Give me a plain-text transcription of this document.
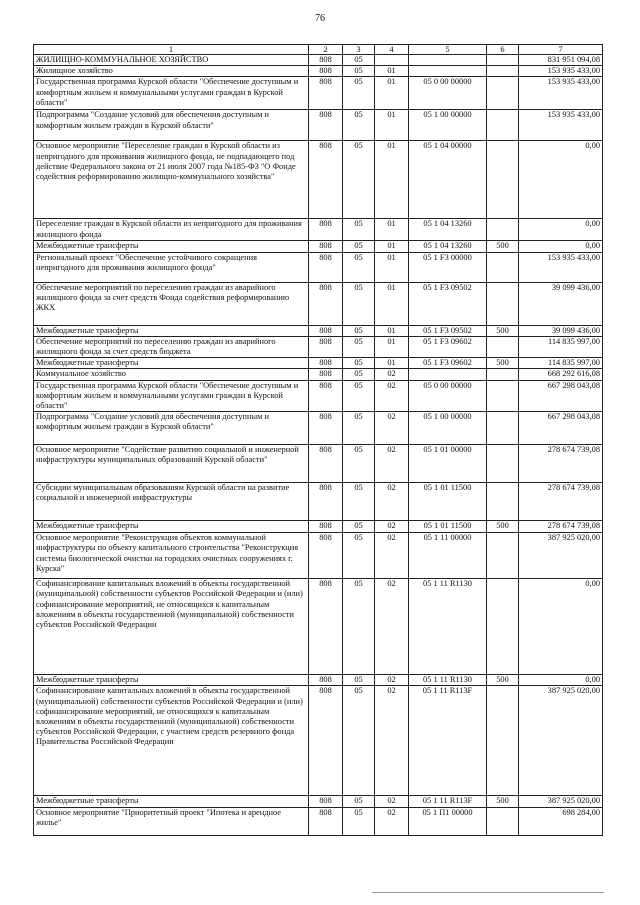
76
1	2	3	4	5	6	7
ЖИЛИЩНО-КОММУНАЛЬНОЕ ХОЗЯЙСТВО	808	05				831 951 094,08
Жилищное хозяйство	808	05	01			153 935 433,00
Государственная программа Курской области "Обеспечение доступным и комфортным жильем и коммунальными услугами граждан в Курской области"	808	05	01	05 0 00 00000		153 935 433,00
Подпрограмма "Создание условий для обеспечения доступным и комфортным жильем граждан в Курской области"	808	05	01	05 1 00 00000		153 935 433,00
Основное мероприятие "Переселение граждан в Курской области из непригодного для проживания жилищного фонда, не подпадающего под действие Федерального закона от 21 июля 2007 года №185-ФЗ "О Фонде содействия реформированию жилищно-коммунального хозяйства"	808	05	01	05 1 04 00000		0,00
Переселение граждан в Курской области из непригодного для проживания жилищного фонда	808	05	01	05 1 04 13260		0,00
Межбюджетные трансферты	808	05	01	05 1 04 13260	500	0,00
Региональный проект "Обеспечение устойчивого сокращения непригодного для проживания жилищного фонда"	808	05	01	05 1 F3 00000		153 935 433,00
Обеспечение мероприятий по переселению граждан из аварийного жилищного фонда за счет средств Фонда содействия реформированию ЖКХ	808	05	01	05 1 F3 09502		39 099 436,00
Межбюджетные трансферты	808	05	01	05 1 F3 09502	500	39 099 436,00
Обеспечение мероприятий по переселению граждан из аварийного жилищного фонда за счет средств бюджета	808	05	01	05 1 F3 09602		114 835 997,00
Межбюджетные трансферты	808	05	01	05 1 F3 09602	500	114 835 997,00
Коммунальное хозяйство	808	05	02			668 292 616,08
Государственная программа Курской области "Обеспечение доступным и комфортным жильем и коммунальными услугами граждан в Курской области"	808	05	02	05 0 00 00000		667 298 043,08
Подпрограмма "Создание условий для обеспечения доступным и комфортным жильем граждан в Курской области"	808	05	02	05 1 00 00000		667 298 043,08
Основное мероприятие "Содействие развитию социальной и инженерной инфраструктуры муниципальных образований Курской области"	808	05	02	05 1 01 00000		278 674 739,08
Субсидии муниципальным образованиям Курской области на развитие социальной и инженерной инфраструктуры	808	05	02	05 1 01 11500		278 674 739,08
Межбюджетные трансферты	808	05	02	05 1 01 11500	500	278 674 739,08
Основное мероприятие "Реконструкция объектов коммунальной инфраструктуры по объекту капитального строительства "Реконструкция системы биологической очистки на городских очистных сооружениях г. Курска"	808	05	02	05 1 11 00000		387 925 020,00
Софинансирование капитальных вложений в объекты государственной (муниципальной) собственности субъектов Российской Федерации и (или) софинансирование мероприятий, не относящихся к капитальным вложениям в объекты государственной (муниципальной) собственности субъектов Российской Федерации	808	05	02	05 1 11 R1130		0,00
Межбюджетные трансферты	808	05	02	05 1 11 R1130	500	0,00
Софинансирование капитальных вложений в объекты государственной (муниципальной) собственности субъектов Российской Федерации и (или) софинансирование мероприятий, не относящихся к капитальным вложениям в объекты государственной (муниципальной) собственности субъектов Российской Федерации, с участием средств резервного фонда Правительства Российской Федерации	808	05	02	05 1 11 R113F		387 925 020,00
Межбюджетные трансферты	808	05	02	05 1 11 R113F	500	387 925 020,00
Основное мероприятие "Приоритетный проект "Ипотека и арендное жилье"	808	05	02	05 1 П1 00000		698 284,00
